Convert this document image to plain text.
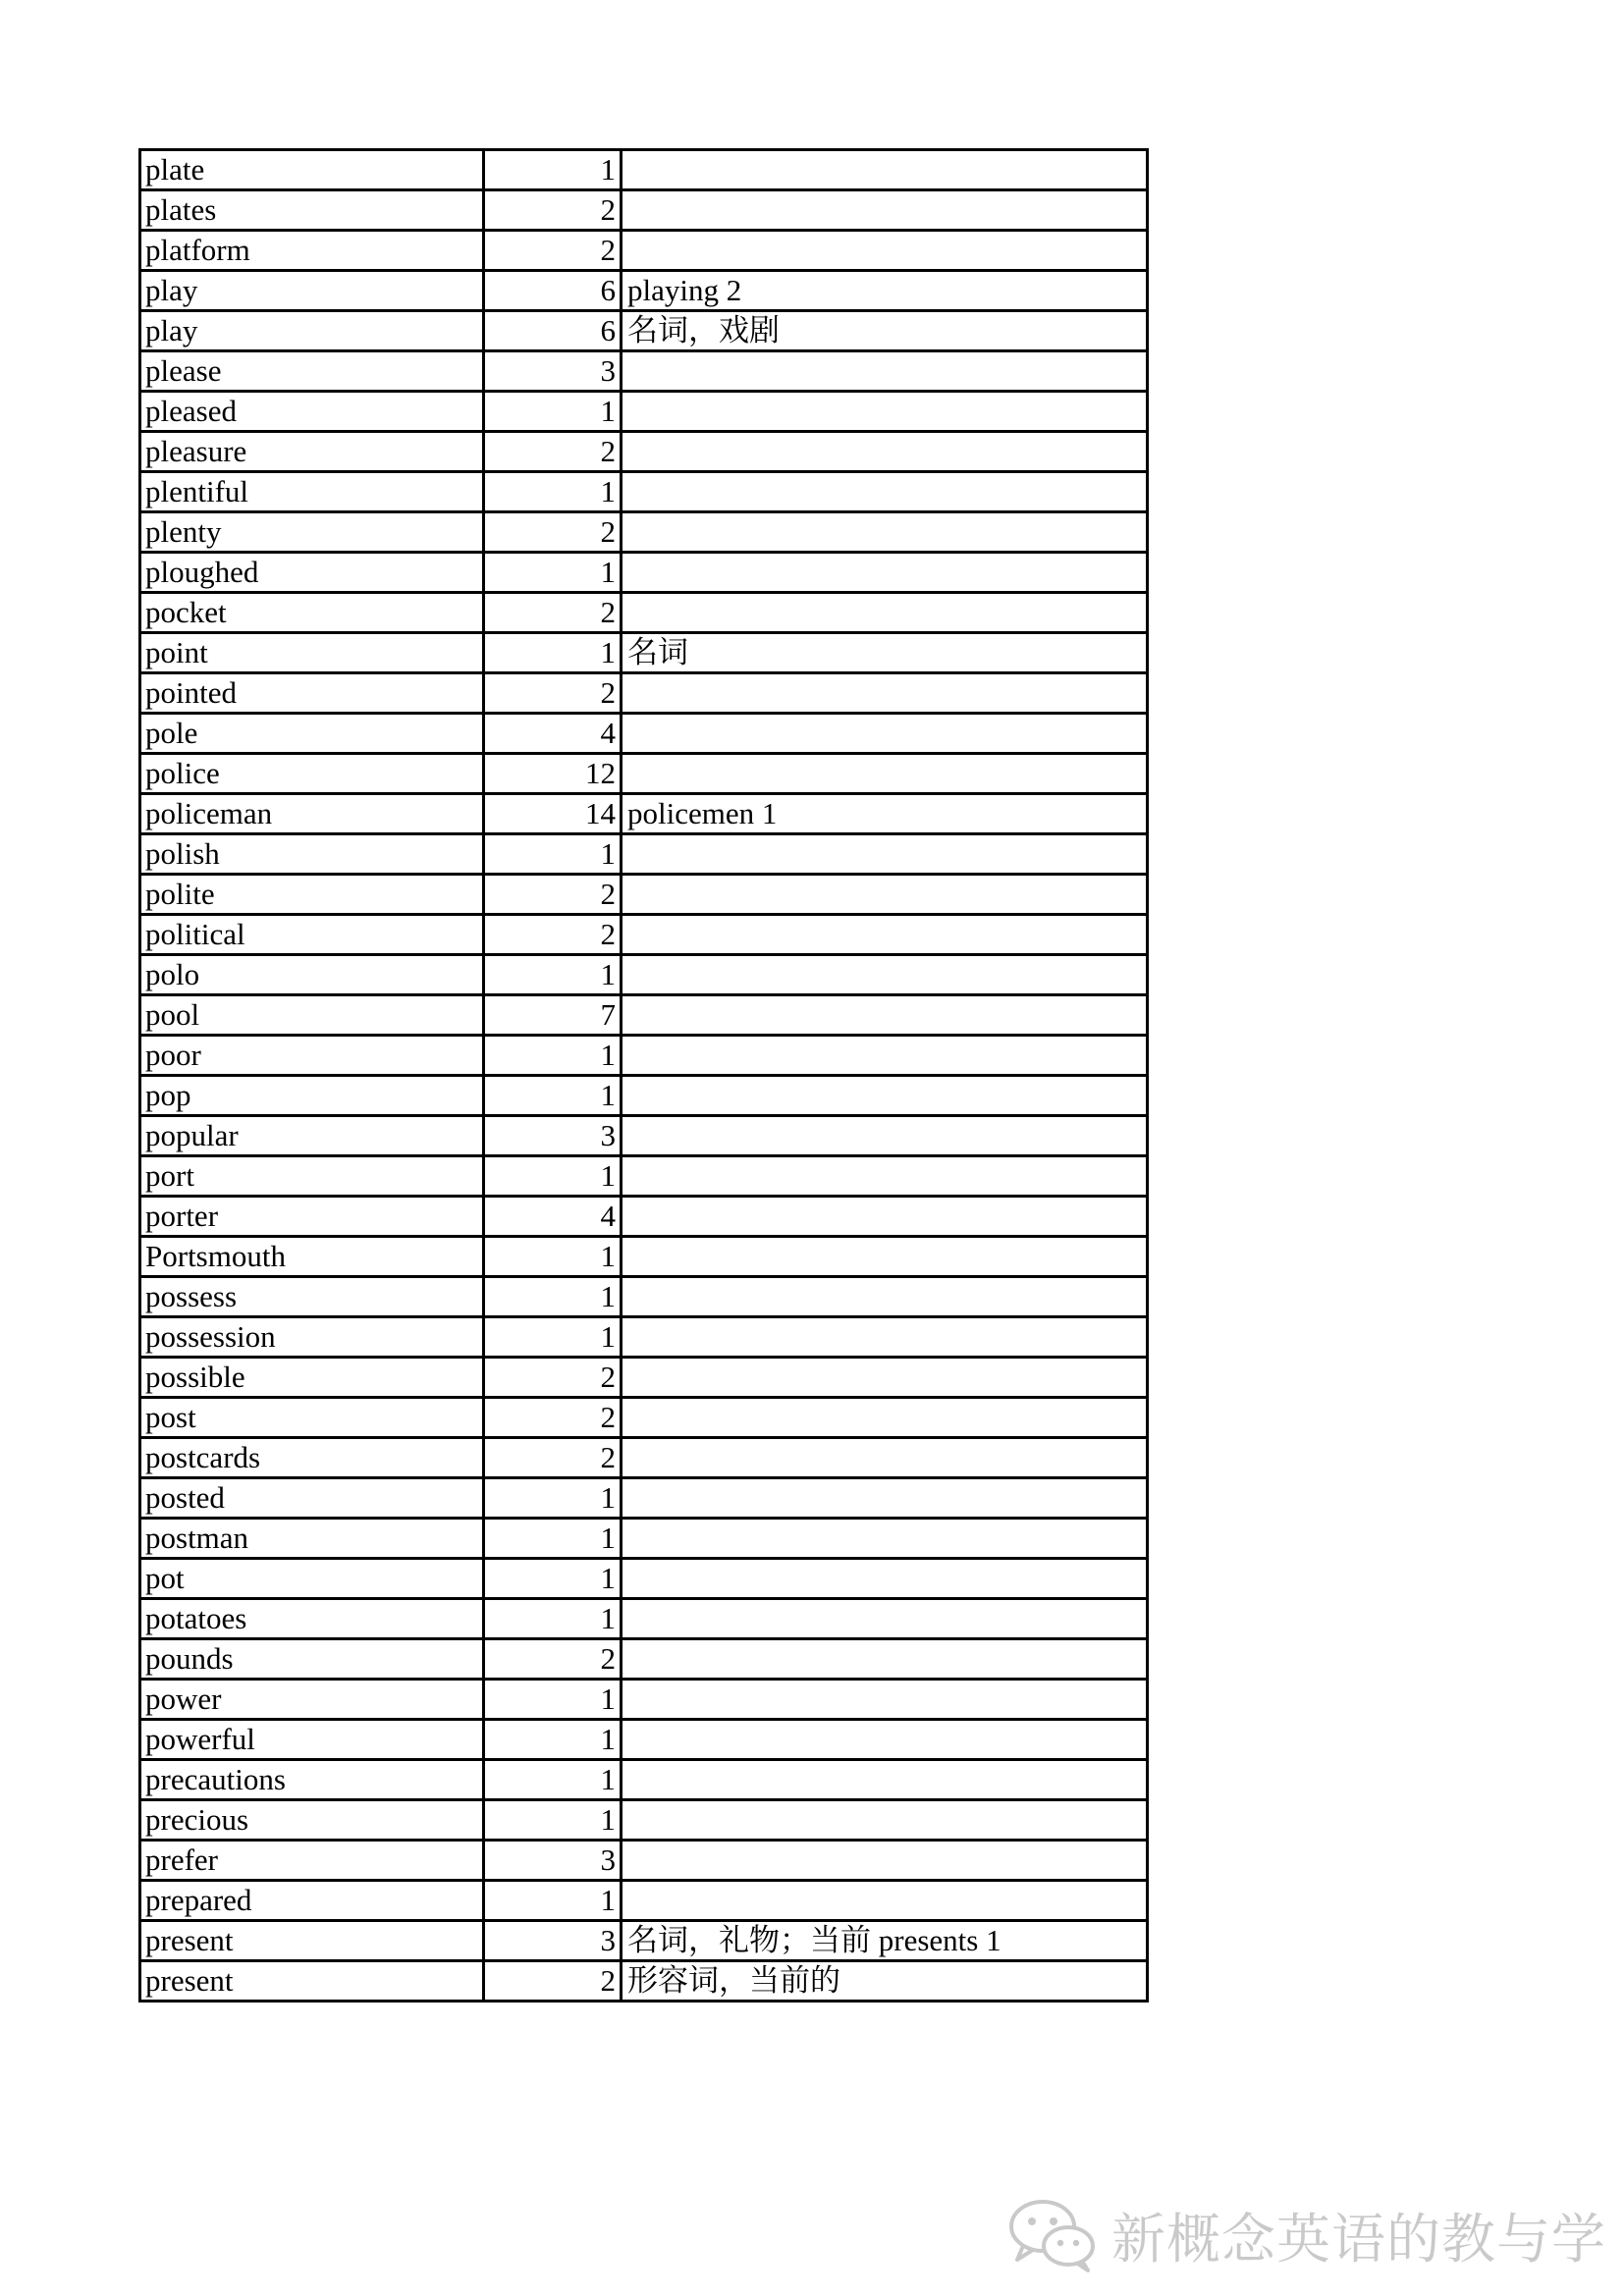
plate	1	
plates	2	
platform	2	
play	6	playing 2
play	6	名词，戏剧
please	3	
pleased	1	
pleasure	2	
plentiful	1	
plenty	2	
ploughed	1	
pocket	2	
point	1	名词
pointed	2	
pole	4	
police	12	
policeman	14	policemen 1
polish	1	
polite	2	
political	2	
polo	1	
pool	7	
poor	1	
pop	1	
popular	3	
port	1	
porter	4	
Portsmouth	1	
possess	1	
possession	1	
possible	2	
post	2	
postcards	2	
posted	1	
postman	1	
pot	1	
potatoes	1	
pounds	2	
power	1	
powerful	1	
precautions	1	
precious	1	
prefer	3	
prepared	1	
present	3	名词，礼物；当前 presents 1
present	2	形容词，当前的
新概念英语的教与学
